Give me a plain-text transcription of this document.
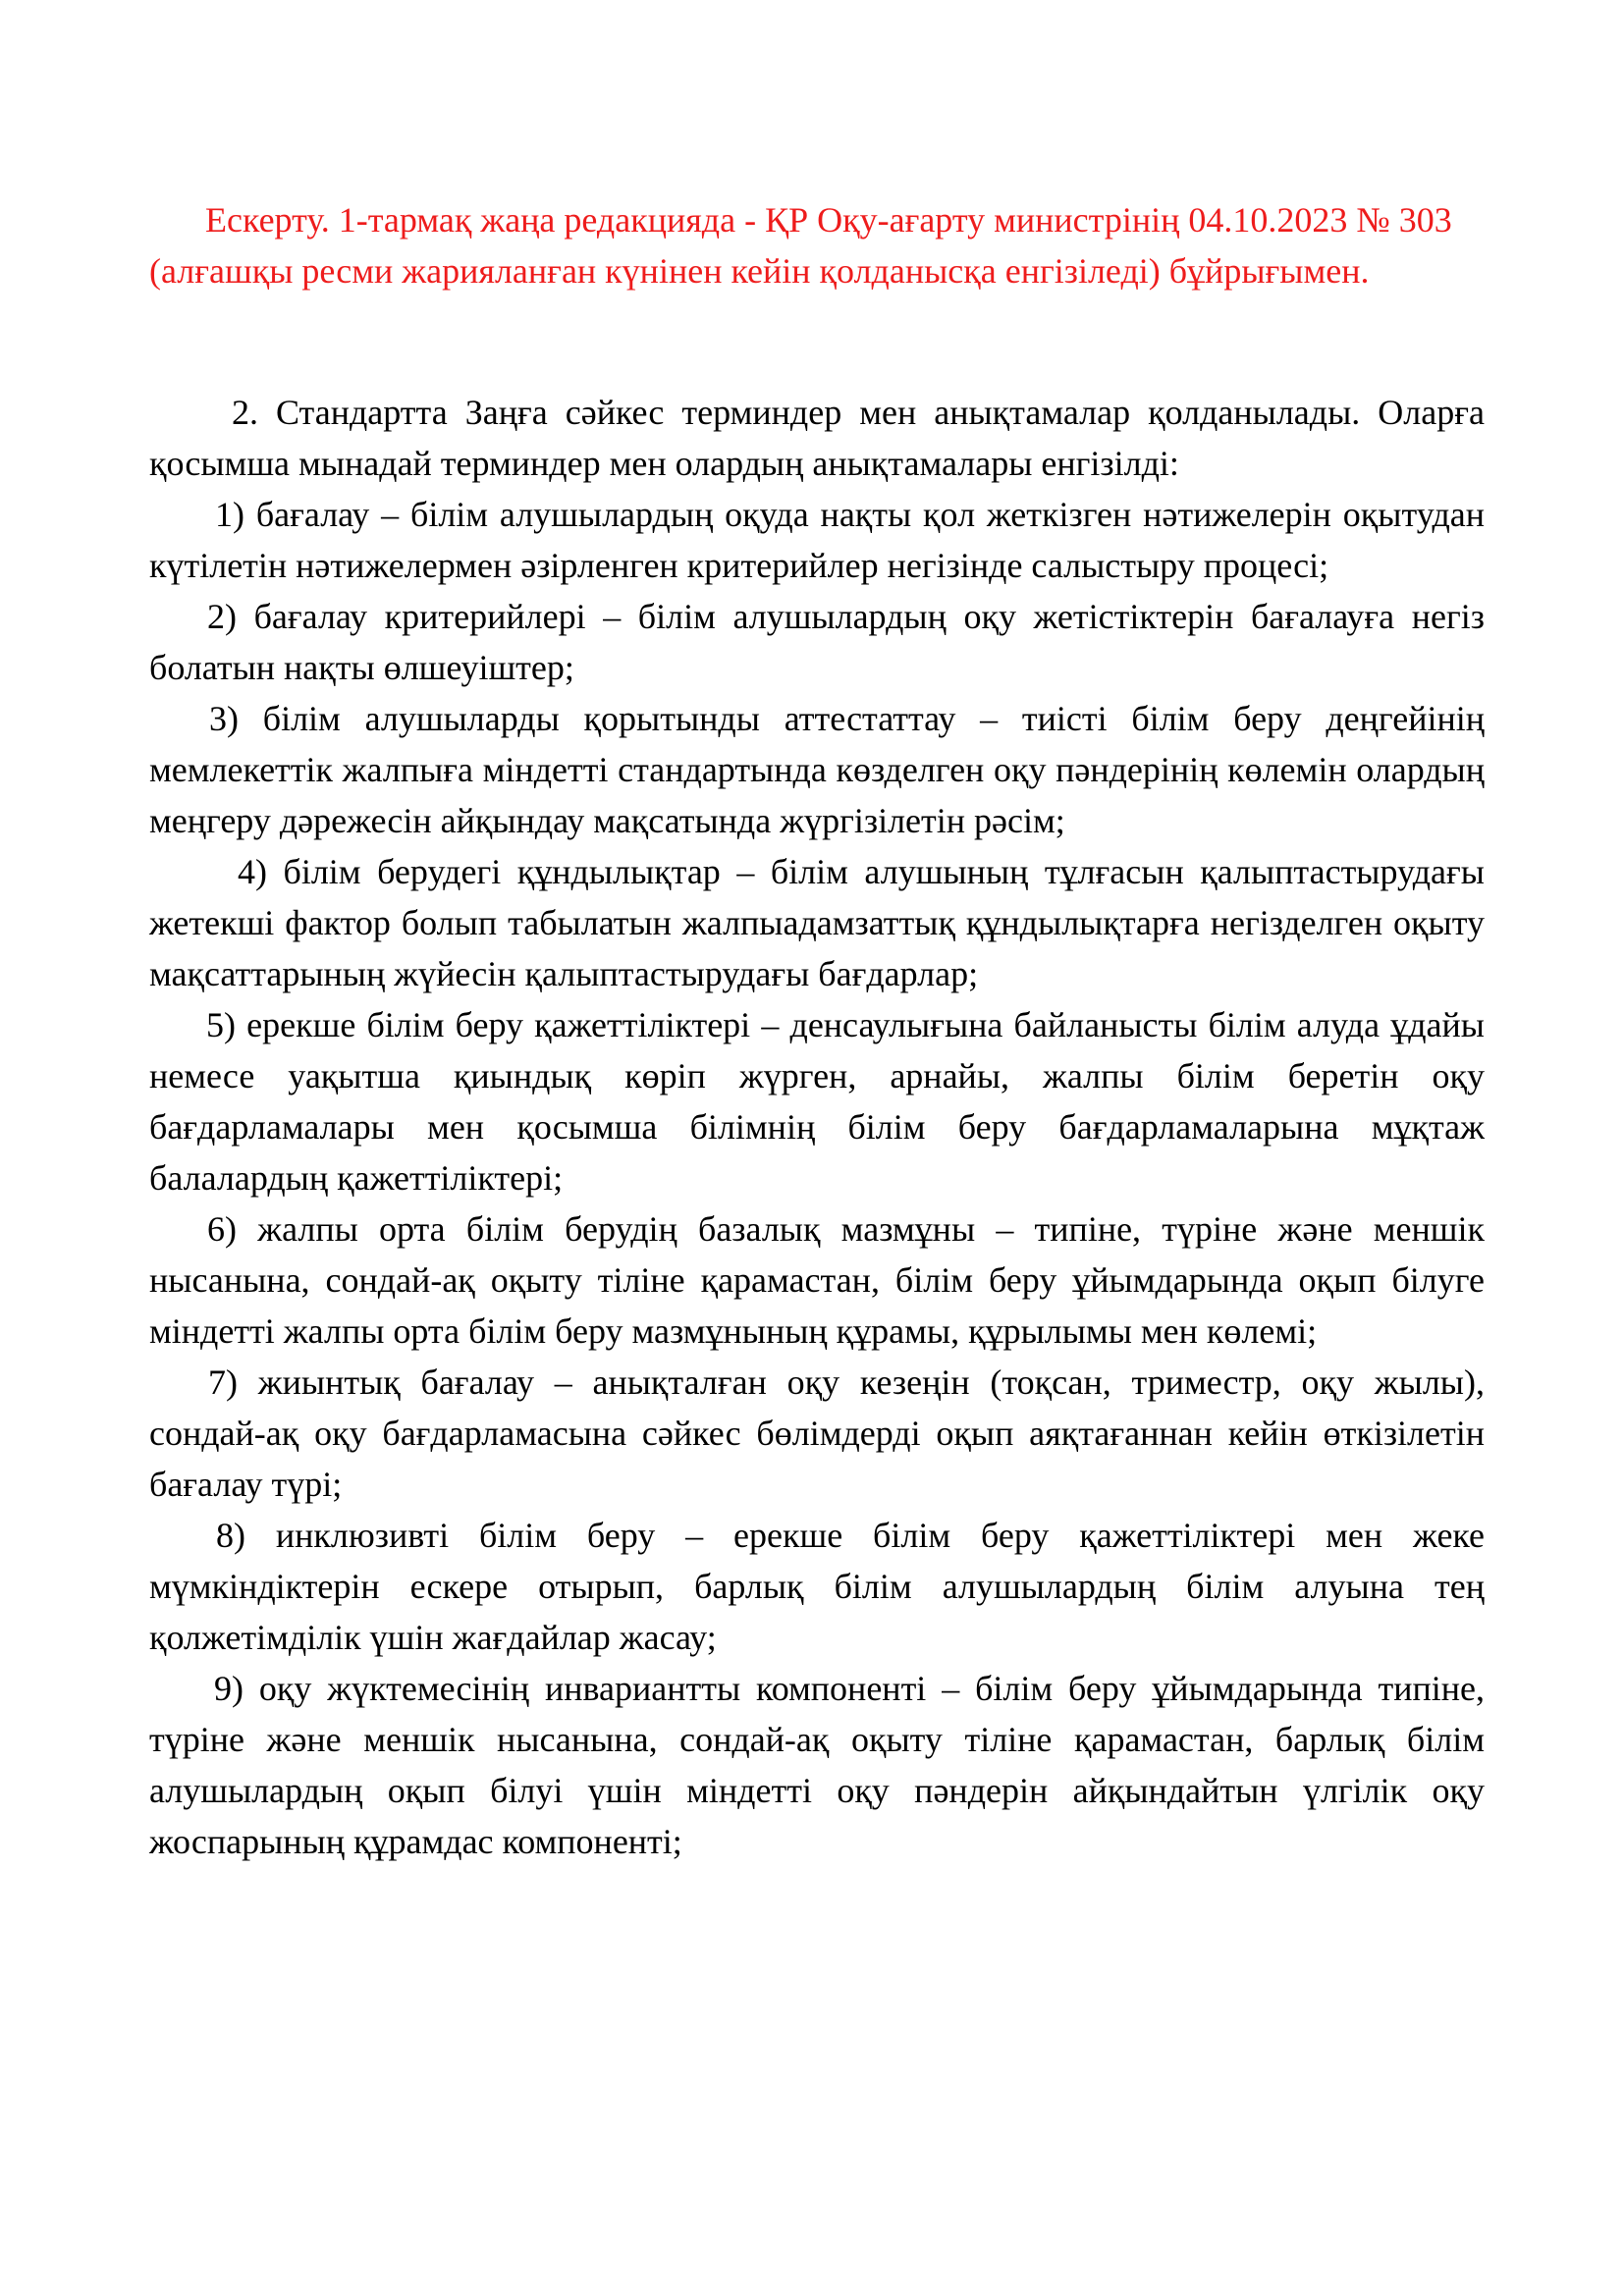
Ескерту. 1-тармақ жаңа редакцияда - ҚР Оқу-ағарту министрінің 04.10.2023 № 303 (алғашқы ресми жарияланған күнінен кейін қолданысқа енгізіледі) бұйрығымен.

2. Стандартта Заңға сәйкес терминдер мен анықтамалар қолданылады. Оларға қосымша мынадай терминдер мен олардың анықтамалары енгізілді:

1) бағалау – білім алушылардың оқуда нақты қол жеткізген нәтижелерін оқытудан күтілетін нәтижелермен әзірленген критерийлер негізінде салыстыру процесі;

2) бағалау критерийлері – білім алушылардың оқу жетістіктерін бағалауға негіз болатын нақты өлшеуіштер;

3) білім алушыларды қорытынды аттестаттау – тиісті білім беру деңгейінің мемлекеттік жалпыға міндетті стандартында көзделген оқу пәндерінің көлемін олардың меңгеру дәрежесін айқындау мақсатында жүргізілетін рәсім;

4) білім берудегі құндылықтар – білім алушының тұлғасын қалыптастырудағы жетекші фактор болып табылатын жалпыадамзаттық құндылықтарға негізделген оқыту мақсаттарының жүйесін қалыптастырудағы бағдарлар;

5) ерекше білім беру қажеттіліктері – денсаулығына байланысты білім алуда ұдайы немесе уақытша қиындық көріп жүрген, арнайы, жалпы білім беретін оқу бағдарламалары мен қосымша білімнің білім беру бағдарламаларына мұқтаж балалардың қажеттіліктері;

6) жалпы орта білім берудің базалық мазмұны – типіне, түріне және меншік нысанына, сондай-ақ оқыту тіліне қарамастан, білім беру ұйымдарында оқып білуге міндетті жалпы орта білім беру мазмұнының құрамы, құрылымы мен көлемі;

7) жиынтық бағалау – анықталған оқу кезеңін (тоқсан, триместр, оқу жылы), сондай-ақ оқу бағдарламасына сәйкес бөлімдерді оқып аяқтағаннан кейін өткізілетін бағалау түрі;

8) инклюзивті білім беру – ерекше білім беру қажеттіліктері мен жеке мүмкіндіктерін ескере отырып, барлық білім алушылардың білім алуына тең қолжетімділік үшін жағдайлар жасау;

9) оқу жүктемесінің инвариантты компоненті – білім беру ұйымдарында типіне, түріне және меншік нысанына, сондай-ақ оқыту тіліне қарамастан, барлық білім алушылардың оқып білуі үшін міндетті оқу пәндерін айқындайтын үлгілік оқу жоспарының құрамдас компоненті;
